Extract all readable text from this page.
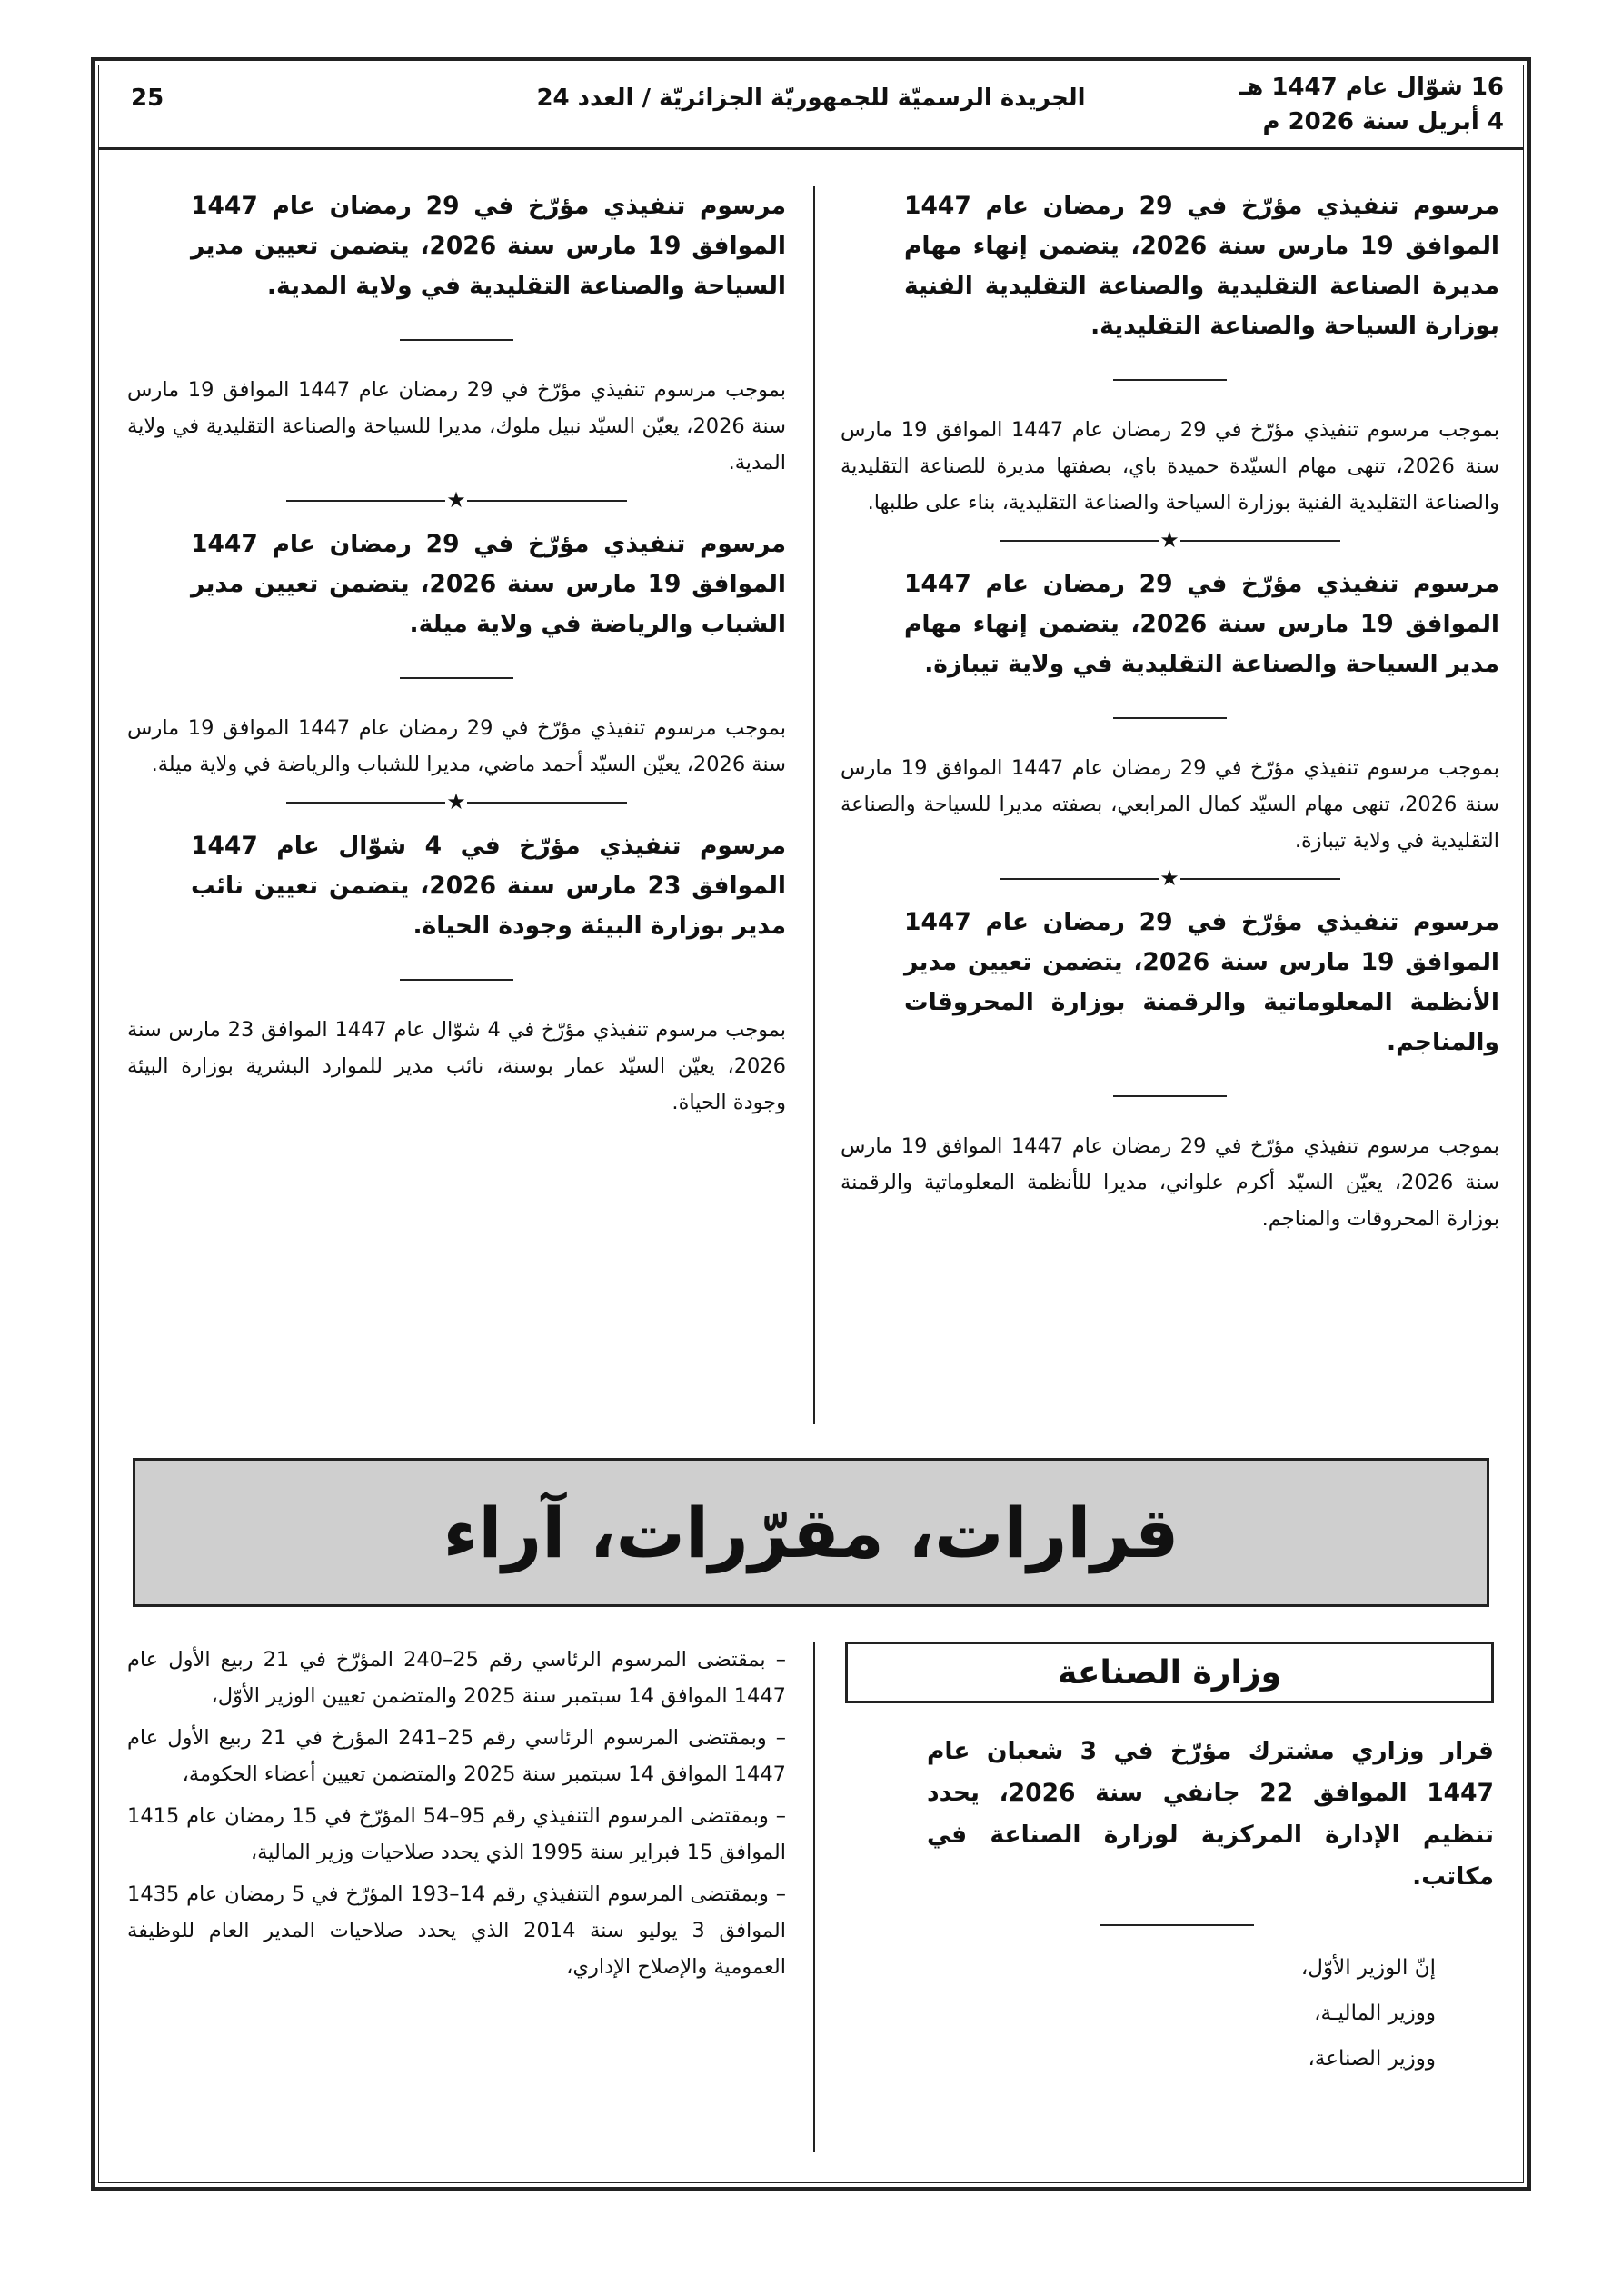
16 شوّال عام 1447 هـ
4 أبريل سنة 2026 م
الجريدة الرسميّة للجمهوريّة الجزائريّة / العدد 24
25

مرسوم تنفيذي مؤرّخ في 29 رمضان عام 1447 الموافق 19 مارس سنة 2026، يتضمن إنهاء مهام مديرة الصناعة التقليدية والصناعة التقليدية الفنية بوزارة السياحة والصناعة التقليدية.

بموجب مرسوم تنفيذي مؤرّخ في 29 رمضان عام 1447 الموافق 19 مارس سنة 2026، تنهى مهام السيّدة حميدة باي، بصفتها مديرة للصناعة التقليدية والصناعة التقليدية الفنية بوزارة السياحة والصناعة التقليدية، بناء على طلبها.

★

مرسوم تنفيذي مؤرّخ في 29 رمضان عام 1447 الموافق 19 مارس سنة 2026، يتضمن إنهاء مهام مدير السياحة والصناعة التقليدية في ولاية تيبازة.

بموجب مرسوم تنفيذي مؤرّخ في 29 رمضان عام 1447 الموافق 19 مارس سنة 2026، تنهى مهام السيّد كمال المرابعي، بصفته مديرا للسياحة والصناعة التقليدية في ولاية تيبازة.

★

مرسوم تنفيذي مؤرّخ في 29 رمضان عام 1447 الموافق 19 مارس سنة 2026، يتضمن تعيين مدير الأنظمة المعلوماتية والرقمنة بوزارة المحروقات والمناجم.

بموجب مرسوم تنفيذي مؤرّخ في 29 رمضان عام 1447 الموافق 19 مارس سنة 2026، يعيّن السيّد أكرم علواني، مديرا للأنظمة المعلوماتية والرقمنة بوزارة المحروقات والمناجم.

مرسوم تنفيذي مؤرّخ في 29 رمضان عام 1447 الموافق 19 مارس سنة 2026، يتضمن تعيين مدير السياحة والصناعة التقليدية في ولاية المدية.

بموجب مرسوم تنفيذي مؤرّخ في 29 رمضان عام 1447 الموافق 19 مارس سنة 2026، يعيّن السيّد نبيل ملوك، مديرا للسياحة والصناعة التقليدية في ولاية المدية.

★

مرسوم تنفيذي مؤرّخ في 29 رمضان عام 1447 الموافق 19 مارس سنة 2026، يتضمن تعيين مدير الشباب والرياضة في ولاية ميلة.

بموجب مرسوم تنفيذي مؤرّخ في 29 رمضان عام 1447 الموافق 19 مارس سنة 2026، يعيّن السيّد أحمد ماضي، مديرا للشباب والرياضة في ولاية ميلة.

★

مرسوم تنفيذي مؤرّخ في 4 شوّال عام 1447 الموافق 23 مارس سنة 2026، يتضمن تعيين نائب مدير بوزارة البيئة وجودة الحياة.

بموجب مرسوم تنفيذي مؤرّخ في 4 شوّال عام 1447 الموافق 23 مارس سنة 2026، يعيّن السيّد عمار بوسنة، نائب مدير للموارد البشرية بوزارة البيئة وجودة الحياة.

قرارات، مقرّرات، آراء
وزارة الصناعة

قرار وزاري مشترك مؤرّخ في 3 شعبان عام 1447 الموافق 22 جانفي سنة 2026، يحدد تنظيم الإدارة المركزية لوزارة الصناعة في مكاتب.

إنّ الوزير الأوّل،
ووزير الماليـة،
ووزير الصناعة،

– بمقتضى المرسوم الرئاسي رقم 25–240 المؤرّخ في 21 ربيع الأول عام 1447 الموافق 14 سبتمبر سنة 2025 والمتضمن تعيين الوزير الأوّل،

– وبمقتضى المرسوم الرئاسي رقم 25–241 المؤرخ في 21 ربيع الأول عام 1447 الموافق 14 سبتمبر سنة 2025 والمتضمن تعيين أعضاء الحكومة،

– وبمقتضى المرسوم التنفيذي رقم 95–54 المؤرّخ في 15 رمضان عام 1415 الموافق 15 فبراير سنة 1995 الذي يحدد صلاحيات وزير المالية،

– وبمقتضى المرسوم التنفيذي رقم 14–193 المؤرّخ في 5 رمضان عام 1435 الموافق 3 يوليو سنة 2014 الذي يحدد صلاحيات المدير العام للوظيفة العمومية والإصلاح الإداري،
